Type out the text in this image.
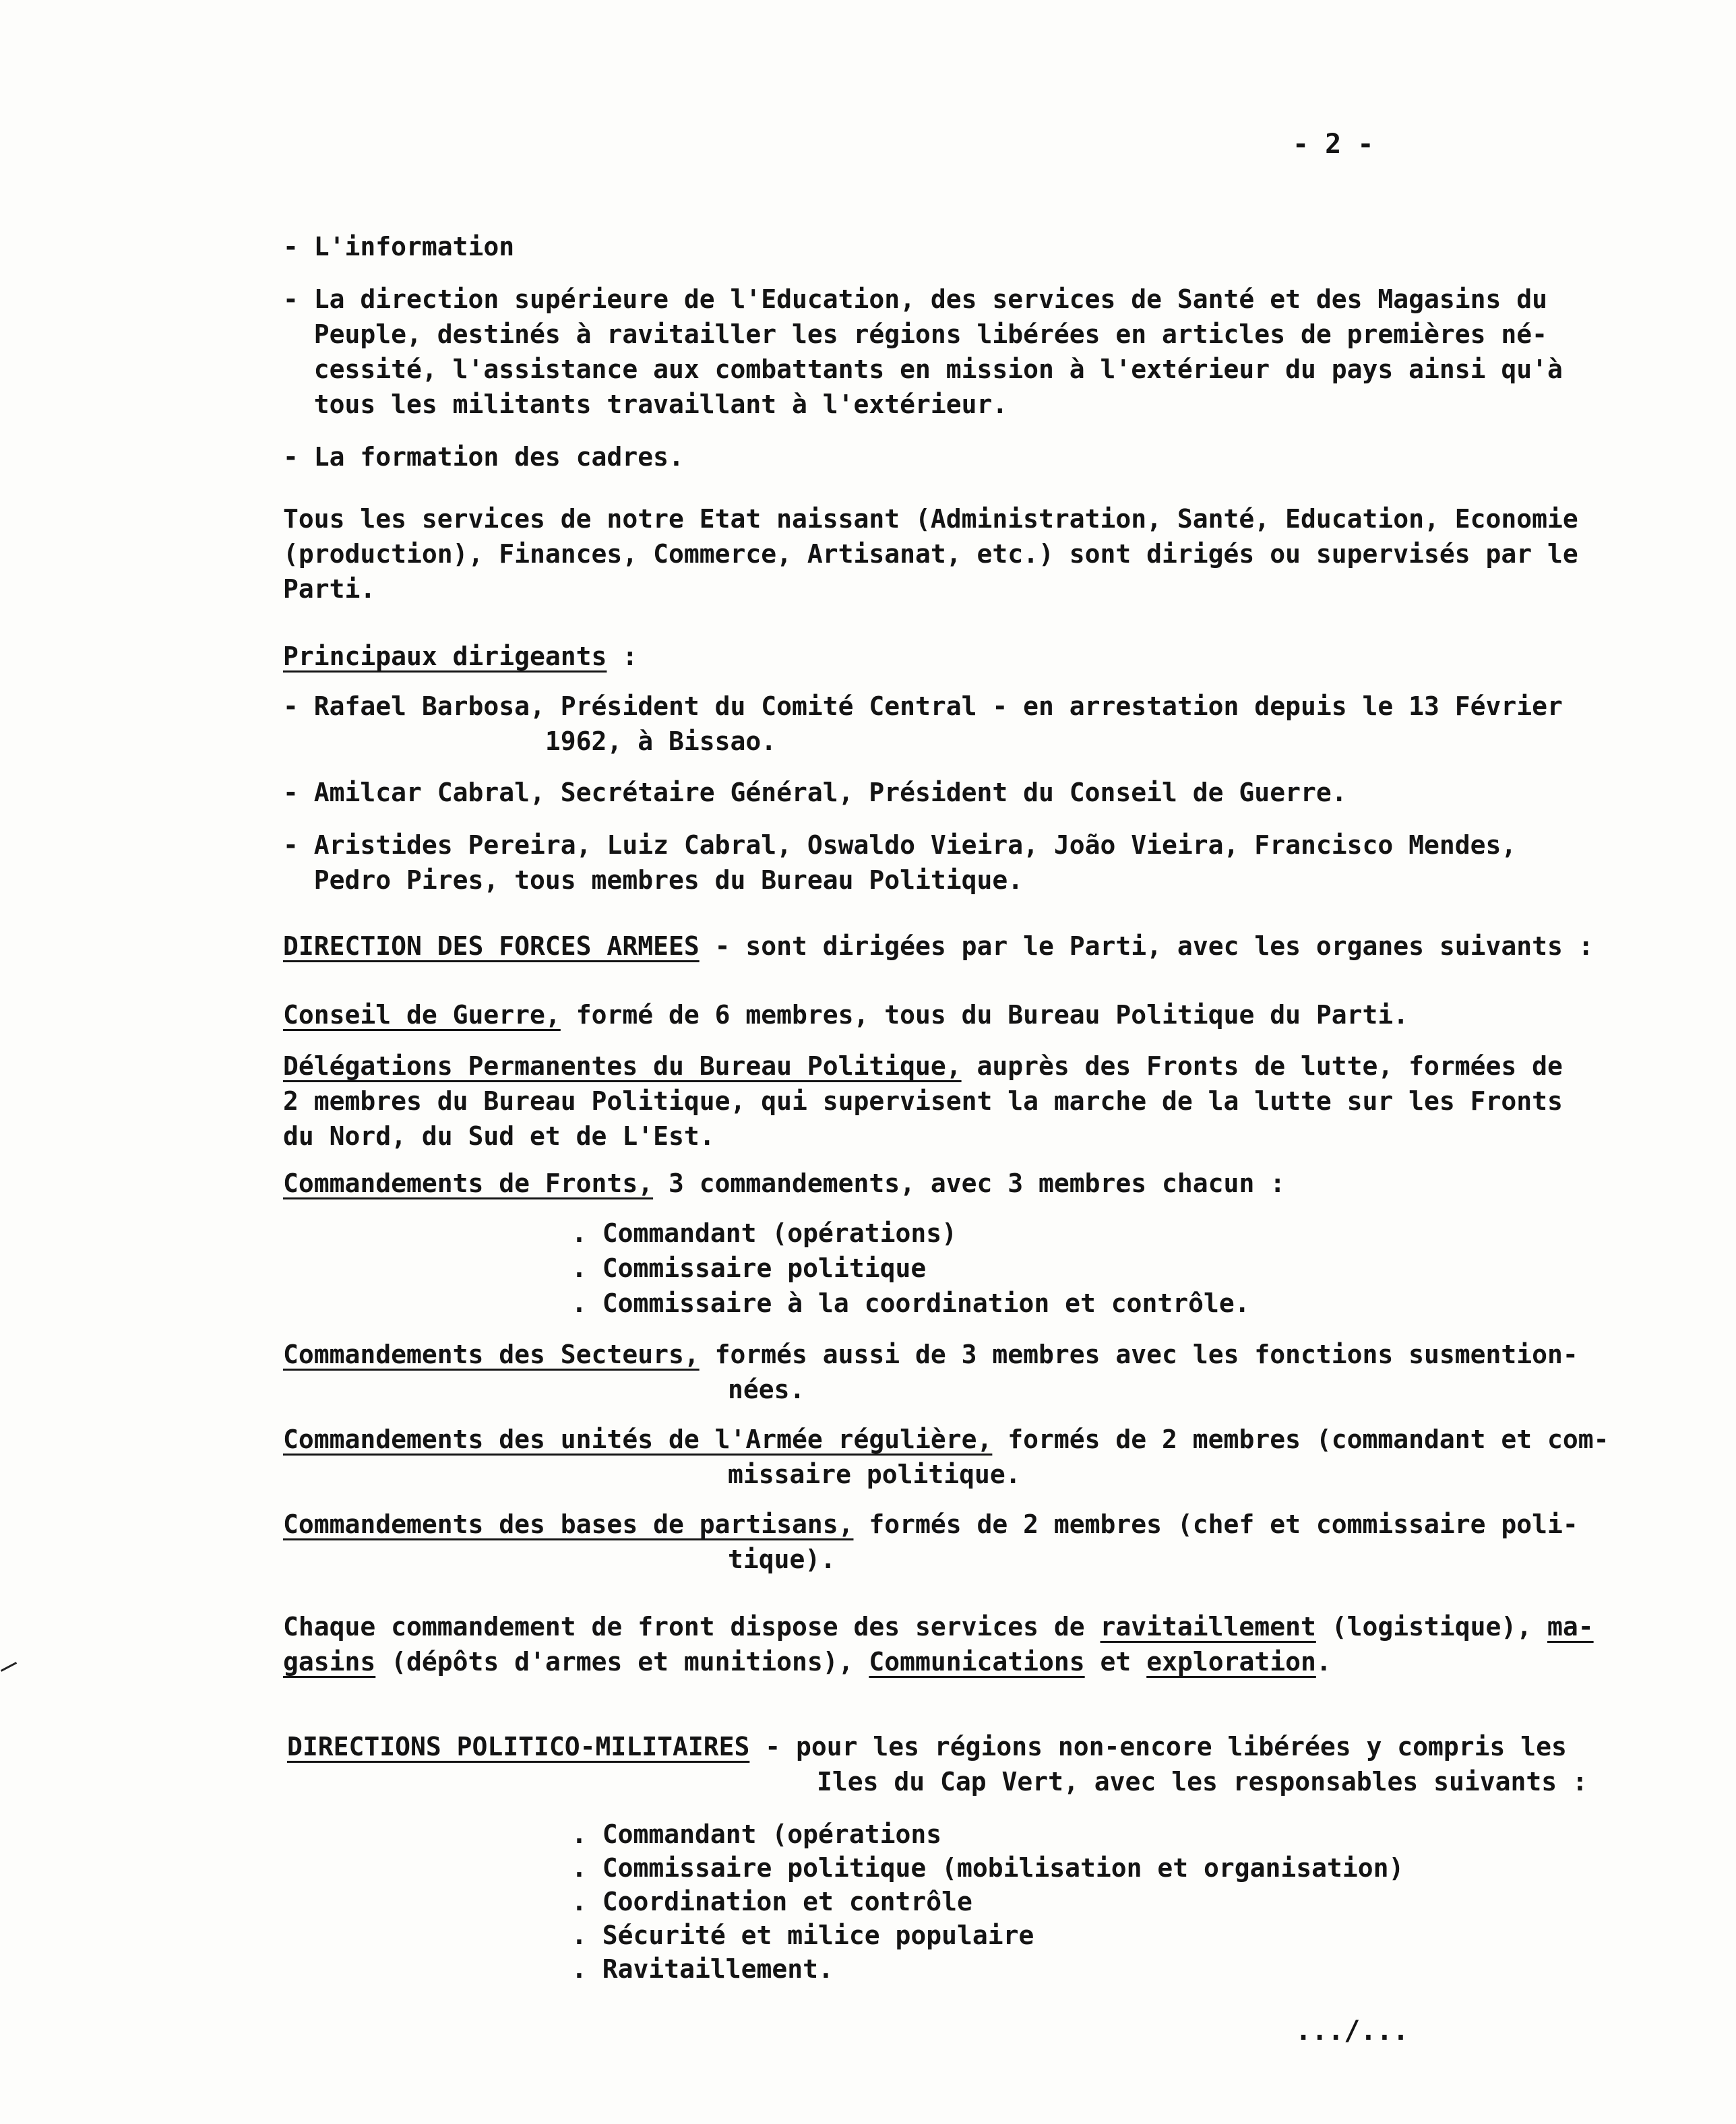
- 2 -
- L'information
- La direction supérieure de l'Education, des services de Santé et des Magasins du
Peuple, destinés à ravitailler les régions libérées en articles de premières né-
cessité, l'assistance aux combattants en mission à l'extérieur du pays ainsi qu'à
tous les militants travaillant à l'extérieur.
- La formation des cadres.
Tous les services de notre Etat naissant (Administration, Santé, Education, Economie
(production), Finances, Commerce, Artisanat, etc.) sont dirigés ou supervisés par le
Parti.
Principaux dirigeants :
- Rafael Barbosa, Président du Comité Central - en arrestation depuis le 13 Février
1962, à Bissao.
- Amilcar Cabral, Secrétaire Général, Président du Conseil de Guerre.
- Aristides Pereira, Luiz Cabral, Oswaldo Vieira, João Vieira, Francisco Mendes,
Pedro Pires, tous membres du Bureau Politique.
DIRECTION DES FORCES ARMEES - sont dirigées par le Parti, avec les organes suivants :
Conseil de Guerre, formé de 6 membres, tous du Bureau Politique du Parti.
Délégations Permanentes du Bureau Politique, auprès des Fronts de lutte, formées de
2 membres du Bureau Politique, qui supervisent la marche de la lutte sur les Fronts
du Nord, du Sud et de L'Est.
Commandements de Fronts, 3 commandements, avec 3 membres chacun :
. Commandant (opérations)
. Commissaire politique
. Commissaire à la coordination et contrôle.
Commandements des Secteurs, formés aussi de 3 membres avec les fonctions susmention-
nées.
Commandements des unités de l'Armée régulière, formés de 2 membres (commandant et com-
missaire politique.
Commandements des bases de partisans, formés de 2 membres (chef et commissaire poli-
tique).
Chaque commandement de front dispose des services de ravitaillement (logistique), ma-
gasins (dépôts d'armes et munitions), Communications et exploration.
DIRECTIONS POLITICO-MILITAIRES - pour les régions non-encore libérées y compris les
Iles du Cap Vert, avec les responsables suivants :
. Commandant (opérations
. Commissaire politique (mobilisation et organisation)
. Coordination et contrôle
. Sécurité et milice populaire
. Ravitaillement.
.../...
